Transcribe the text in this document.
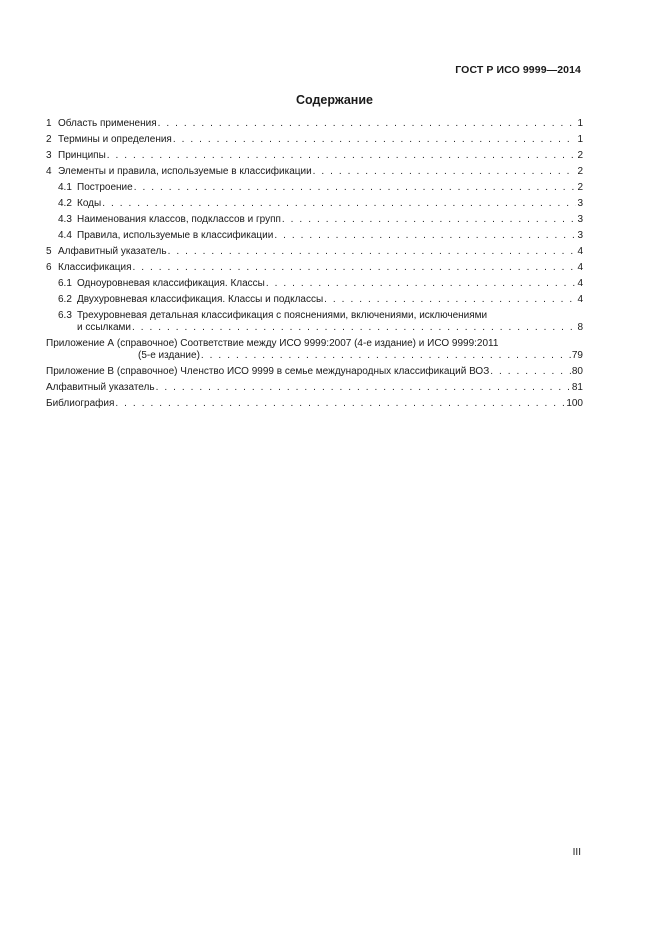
ГОСТ Р ИСО 9999—2014
Содержание
1 Область применения . . .	1
2 Термины и определения . . .	1
3 Принципы . . .	2
4 Элементы и правила, используемые в классификации . . .	2
4.1 Построение . . .	2
4.2 Коды . . .	3
4.3 Наименования классов, подклассов и групп . . .	3
4.4 Правила, используемые в классификации . . .	3
5 Алфавитный указатель . . .	4
6 Классификация . . .	4
6.1 Одноуровневая классификация. Классы . . .	4
6.2 Двухуровневая классификация. Классы и подклассы . . .	4
6.3 Трехуровневая детальная классификация с пояснениями, включениями, исключениями
и ссылками . . .	8
Приложение А (справочное) Соответствие между ИСО 9999:2007 (4-е издание) и ИСО 9999:2011
(5-е издание) . . .	79
Приложение В (справочное) Членство ИСО 9999 в семье международных классификаций ВОЗ . . .	80
Алфавитный указатель . . .	81
Библиография . . .	100
III
